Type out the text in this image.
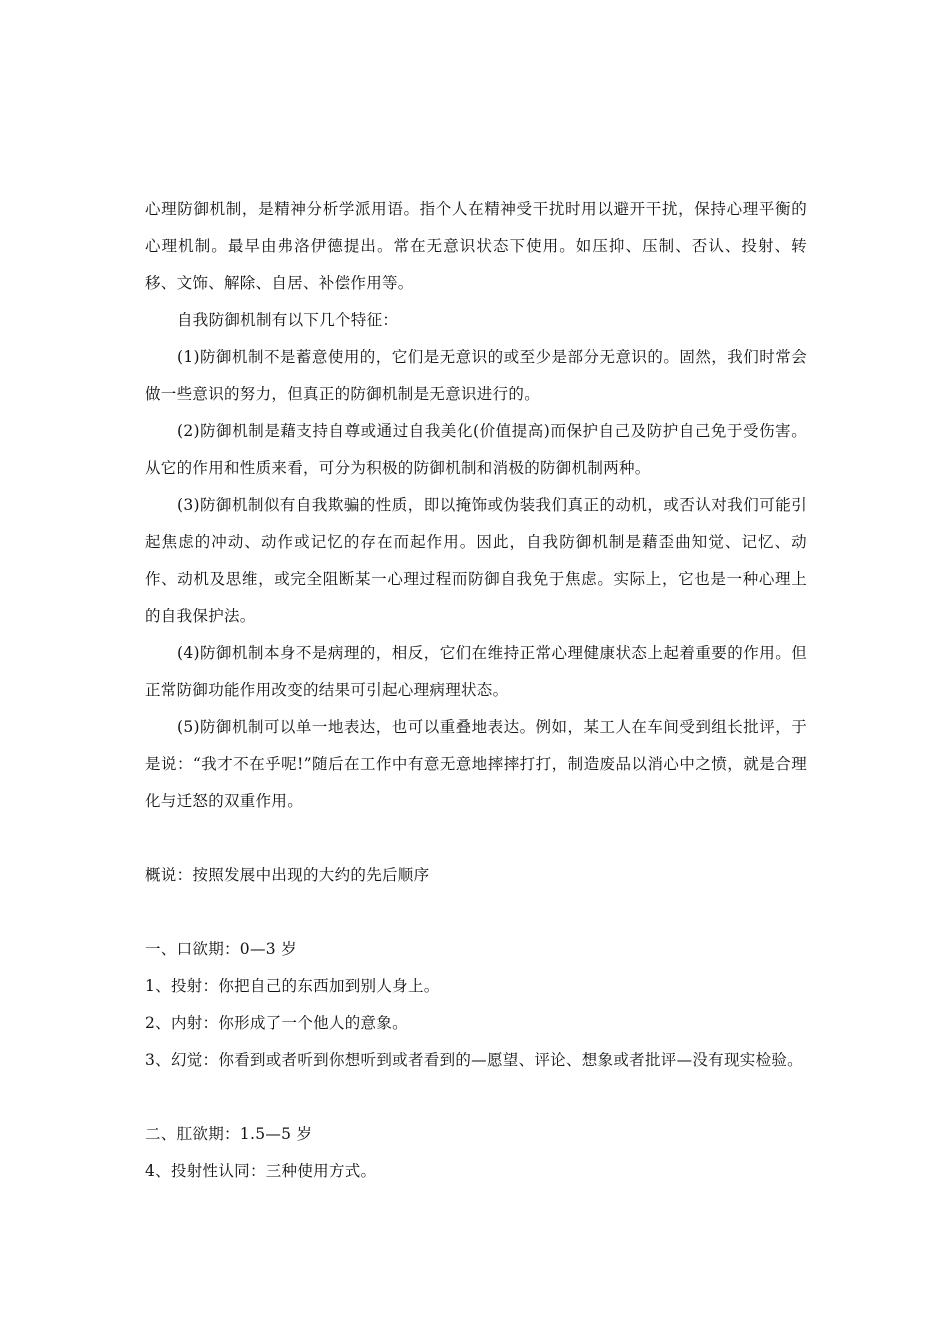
心理防御机制，是精神分析学派用语。指个人在精神受干扰时用以避开干扰，保持心理平衡的心理机制。最早由弗洛伊德提出。常在无意识状态下使用。如压抑、压制、否认、投射、转移、文饰、解除、自居、补偿作用等。

自我防御机制有以下几个特征：

(1)防御机制不是蓄意使用的，它们是无意识的或至少是部分无意识的。固然，我们时常会做一些意识的努力，但真正的防御机制是无意识进行的。

(2)防御机制是藉支持自尊或通过自我美化(价值提高)而保护自己及防护自己免于受伤害。从它的作用和性质来看，可分为积极的防御机制和消极的防御机制两种。

(3)防御机制似有自我欺骗的性质，即以掩饰或伪装我们真正的动机，或否认对我们可能引起焦虑的冲动、动作或记忆的存在而起作用。因此，自我防御机制是藉歪曲知觉、记忆、动作、动机及思维，或完全阻断某一心理过程而防御自我免于焦虑。实际上，它也是一种心理上的自我保护法。

(4)防御机制本身不是病理的，相反，它们在维持正常心理健康状态上起着重要的作用。但正常防御功能作用改变的结果可引起心理病理状态。

(5)防御机制可以单一地表达，也可以重叠地表达。例如，某工人在车间受到组长批评，于是说：“我才不在乎呢!”随后在工作中有意无意地摔摔打打，制造废品以消心中之愤，就是合理化与迁怒的双重作用。

概说：按照发展中出现的大约的先后顺序

一、口欲期：0—3 岁

1、投射：你把自己的东西加到别人身上。

2、内射：你形成了一个他人的意象。

3、幻觉：你看到或者听到你想听到或者看到的—愿望、评论、想象或者批评—没有现实检验。

二、肛欲期：1.5—5 岁

4、投射性认同：三种使用方式。
